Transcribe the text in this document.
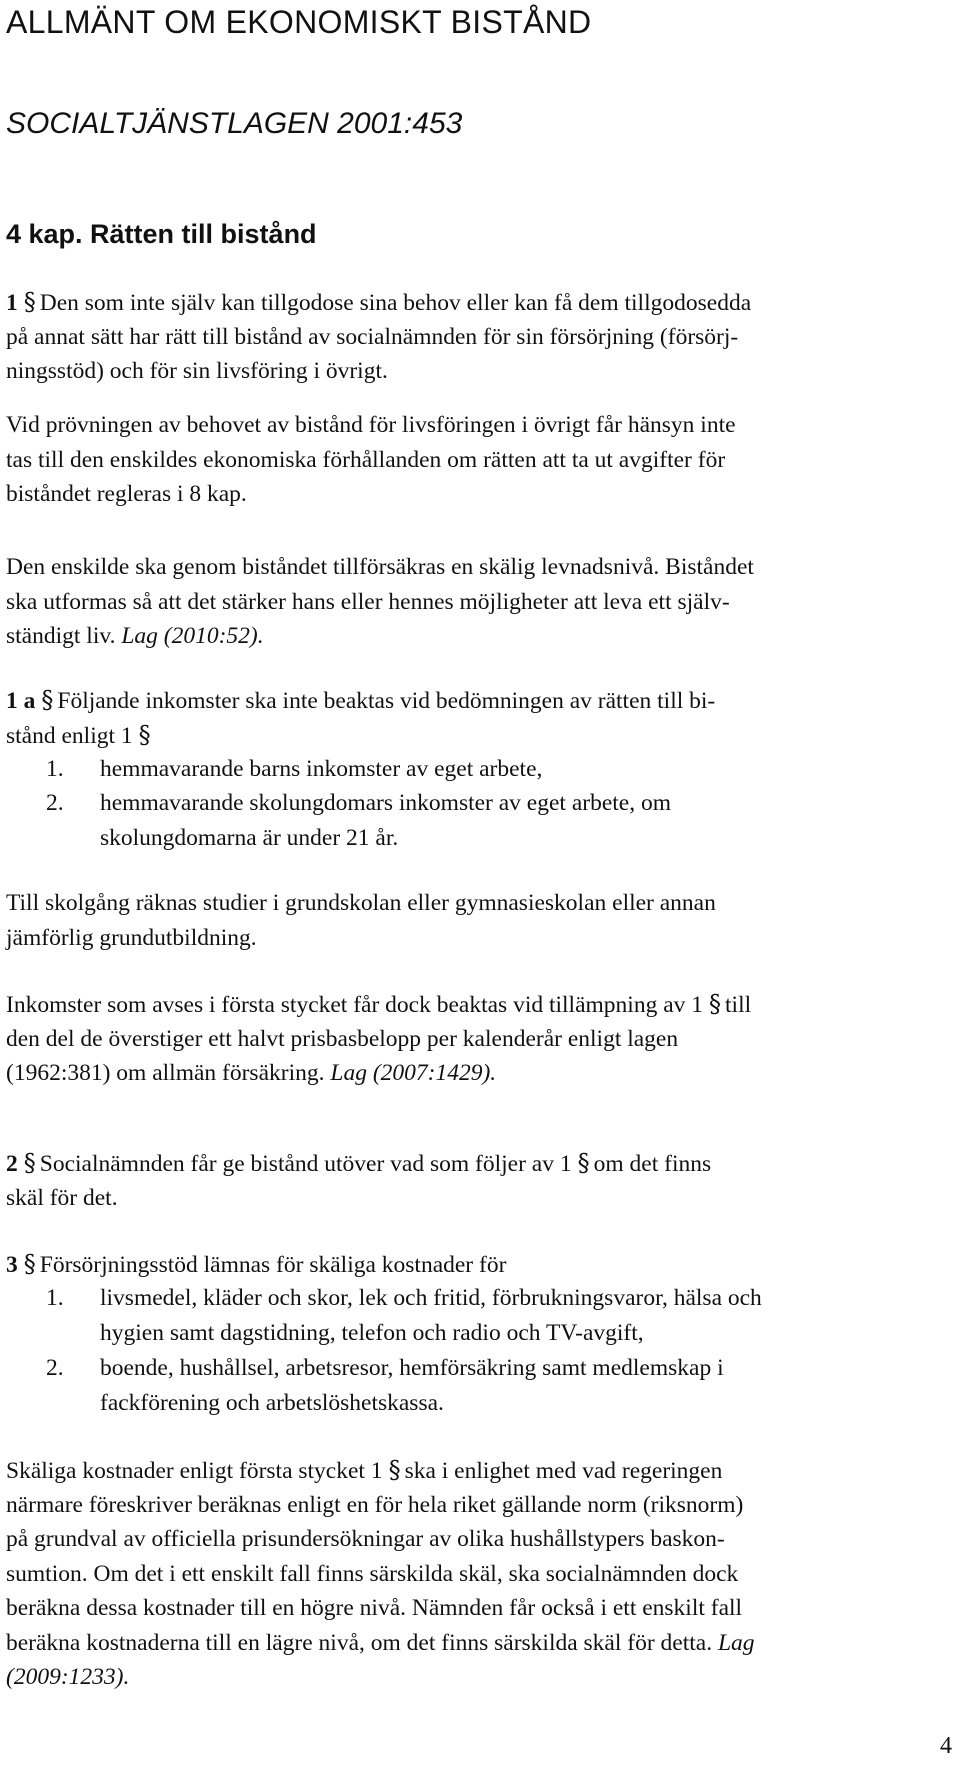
ALLMÄNT OM EKONOMISKT BISTÅND
SOCIALTJÄNSTLAGEN 2001:453
4 kap. Rätten till bistånd
1 § Den som inte själv kan tillgodose sina behov eller kan få dem tillgodosedda
på annat sätt har rätt till bistånd av socialnämnden för sin försörjning (försörj-
ningsstöd) och för sin livsföring i övrigt.
Vid prövningen av behovet av bistånd för livsföringen i övrigt får hänsyn inte
tas till den enskildes ekonomiska förhållanden om rätten att ta ut avgifter för
biståndet regleras i 8 kap.
Den enskilde ska genom biståndet tillförsäkras en skälig levnadsnivå. Biståndet
ska utformas så att det stärker hans eller hennes möjligheter att leva ett själv-
ständigt liv. Lag (2010:52).
1 a § Följande inkomster ska inte beaktas vid bedömningen av rätten till bi-
stånd enligt 1 §
1.	hemmavarande barns inkomster av eget arbete,
2.	hemmavarande skolungdomars inkomster av eget arbete, om
skolungdomarna är under 21 år.
Till skolgång räknas studier i grundskolan eller gymnasieskolan eller annan
jämförlig grundutbildning.
Inkomster som avses i första stycket får dock beaktas vid tillämpning av 1 § till
den del de överstiger ett halvt prisbasbelopp per kalenderår enligt lagen
(1962:381) om allmän försäkring. Lag (2007:1429).
2 § Socialnämnden får ge bistånd utöver vad som följer av 1 § om det finns
skäl för det.
3 § Försörjningsstöd lämnas för skäliga kostnader för
1.	livsmedel, kläder och skor, lek och fritid, förbrukningsvaror, hälsa och
hygien samt dagstidning, telefon och radio och TV-avgift,
2.	boende, hushållsel, arbetsresor, hemförsäkring samt medlemskap i
fackförening och arbetslöshetskassa.
Skäliga kostnader enligt första stycket 1 § ska i enlighet med vad regeringen
närmare föreskriver beräknas enligt en för hela riket gällande norm (riksnorm)
på grundval av officiella prisundersökningar av olika hushållstypers baskon-
sumtion. Om det i ett enskilt fall finns särskilda skäl, ska socialnämnden dock
beräkna dessa kostnader till en högre nivå. Nämnden får också i ett enskilt fall
beräkna kostnaderna till en lägre nivå, om det finns särskilda skäl för detta. Lag
(2009:1233).
4
